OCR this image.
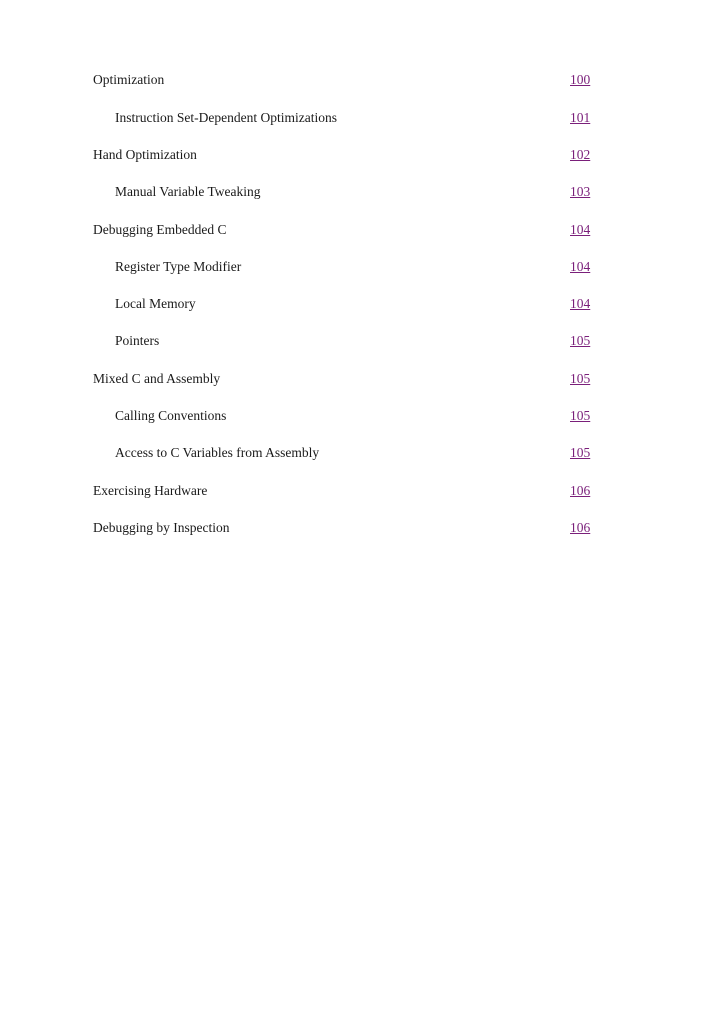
Optimization	100
Instruction Set-Dependent Optimizations	101
Hand Optimization	102
Manual Variable Tweaking	103
Debugging Embedded C	104
Register Type Modifier	104
Local Memory	104
Pointers	105
Mixed C and Assembly	105
Calling Conventions	105
Access to C Variables from Assembly	105
Exercising Hardware	106
Debugging by Inspection	106
